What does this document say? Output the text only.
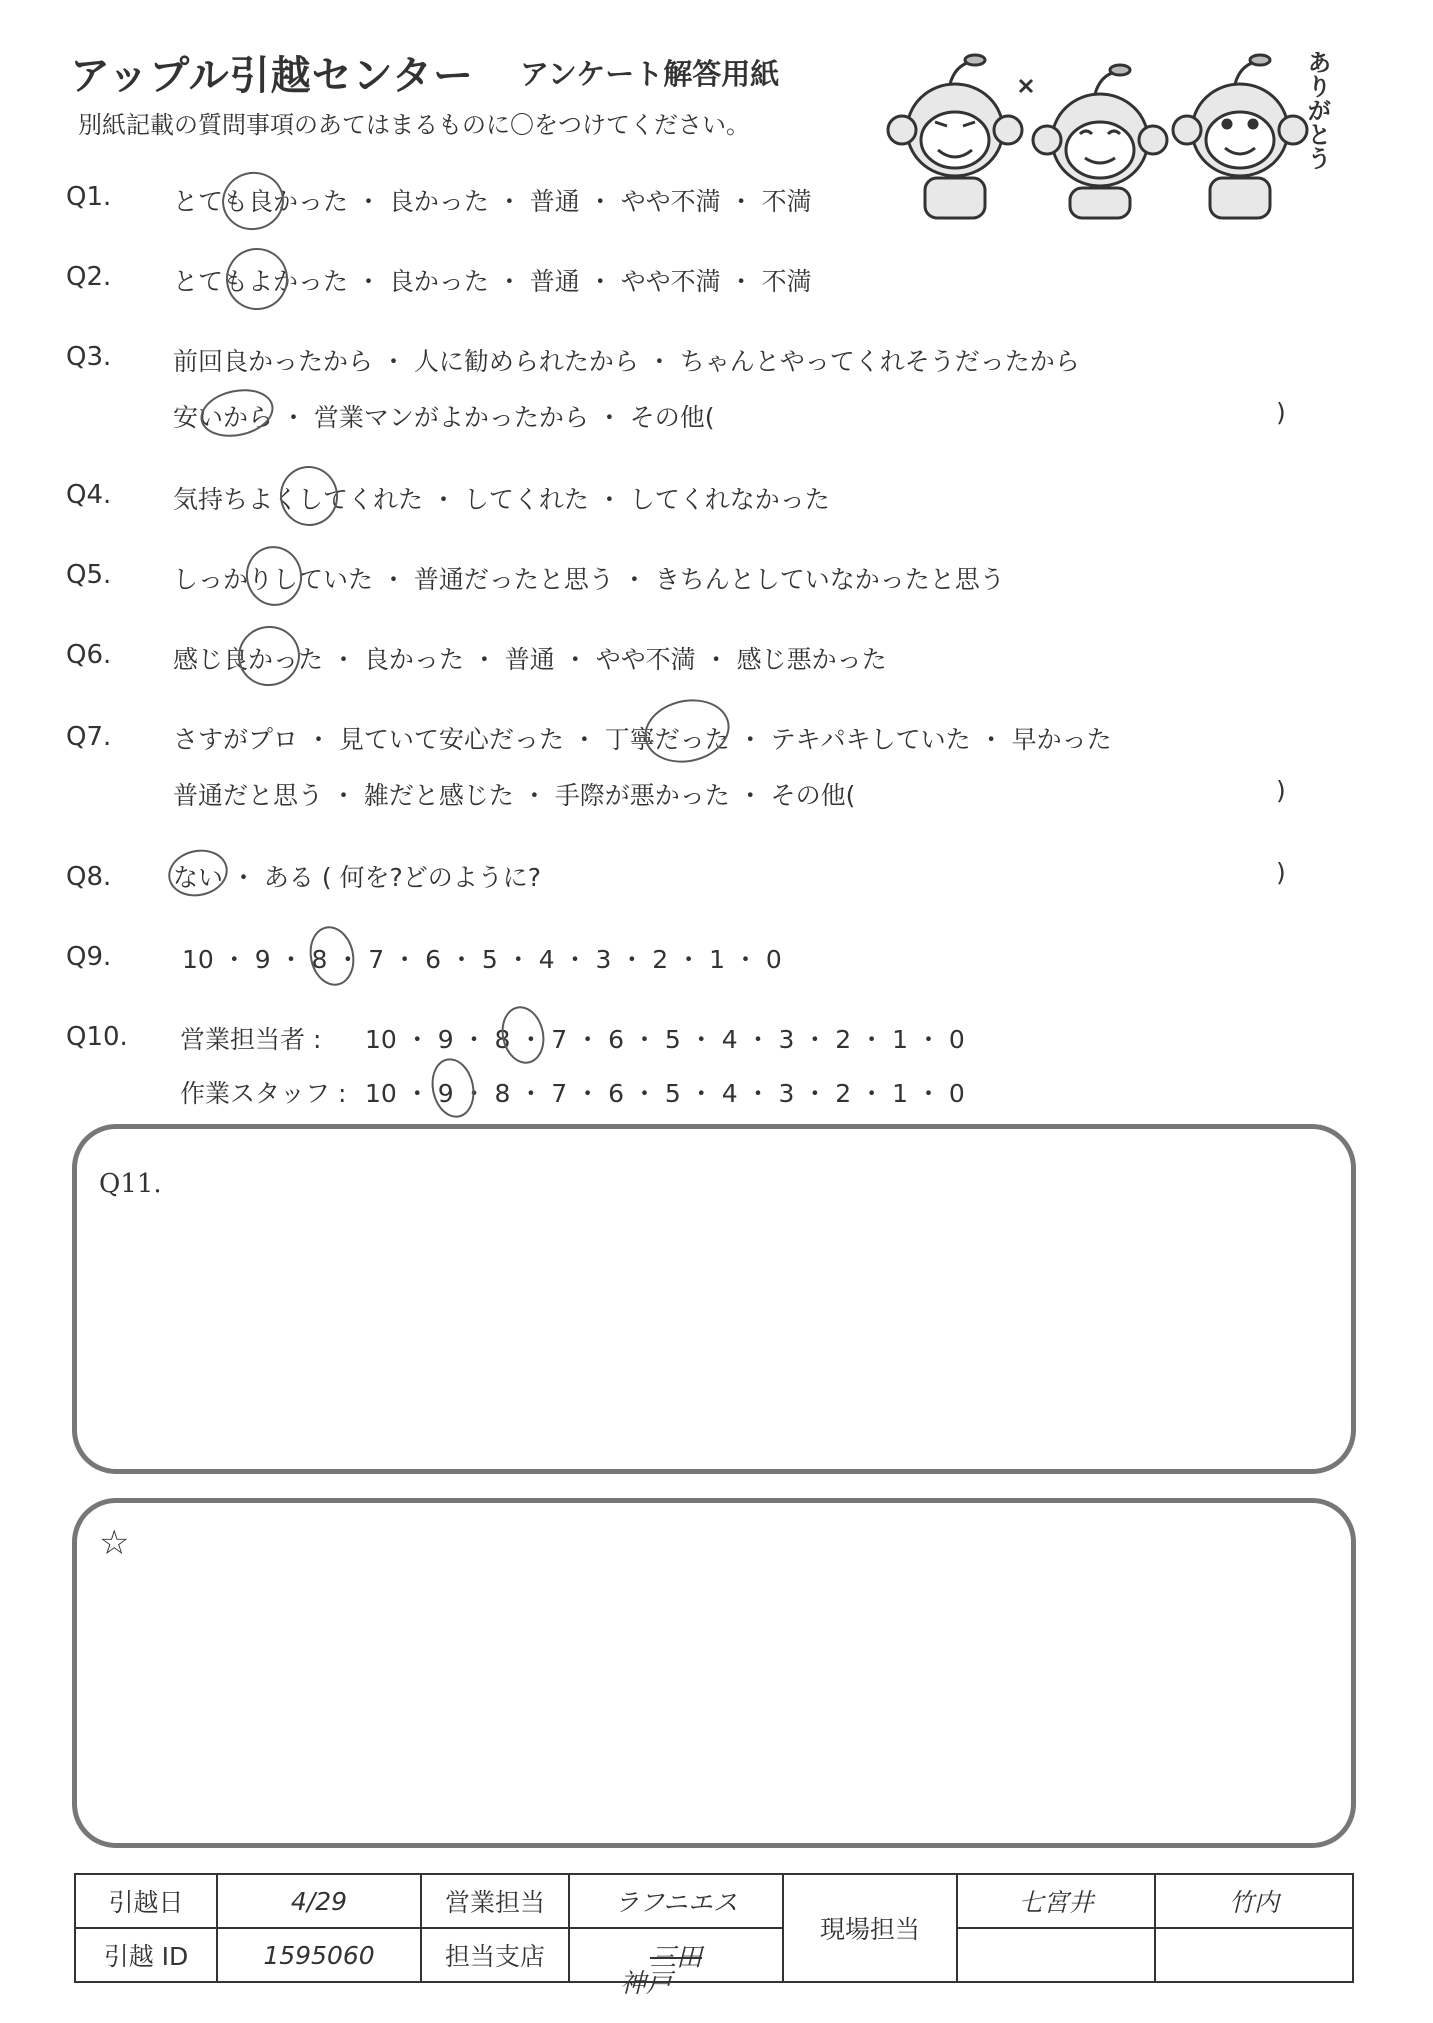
アップル引越センター アンケート解答用紙
別紙記載の質問事項のあてはまるものに〇をつけてください。	ありがとう
Q1. とても良かった ・ 良かった ・ 普通 ・ やや不満 ・ 不満
Q2. とてもよかった ・ 良かった ・ 普通 ・ やや不満 ・ 不満
Q3. 前回良かったから ・ 人に勧められたから ・ ちゃんとやってくれそうだったから
安いから ・ 営業マンがよかったから ・ その他(	)
Q4. 気持ちよくしてくれた ・ してくれた ・ してくれなかった
Q5. しっかりしていた ・ 普通だったと思う ・ きちんとしていなかったと思う
Q6. 感じ良かった ・ 良かった ・ 普通 ・ やや不満 ・ 感じ悪かった
Q7. さすがプロ ・ 見ていて安心だった ・ 丁寧だった ・ テキパキしていた ・ 早かった
普通だと思う ・ 雑だと感じた ・ 手際が悪かった ・ その他(	)
Q8. ない ・ ある ( 何を?どのように?	)
Q9.	10 ・ 9 ・ 8 ・ 7 ・ 6 ・ 5 ・ 4 ・ 3 ・ 2 ・ 1 ・ 0
Q10. 営業担当者 : 10 ・ 9 ・ 8 ・ 7 ・ 6 ・ 5 ・ 4 ・ 3 ・ 2 ・ 1 ・ 0
作業スタッフ : 10 ・ 9 ・ 8 ・ 7 ・ 6 ・ 5 ・ 4 ・ 3 ・ 2 ・ 1 ・ 0
Q11.
☆
引越日	4/29	営業担当	ラフニエス	現場担当	七宮井	竹内
引越 ID	1595060	担当支店	三田
神戸			
